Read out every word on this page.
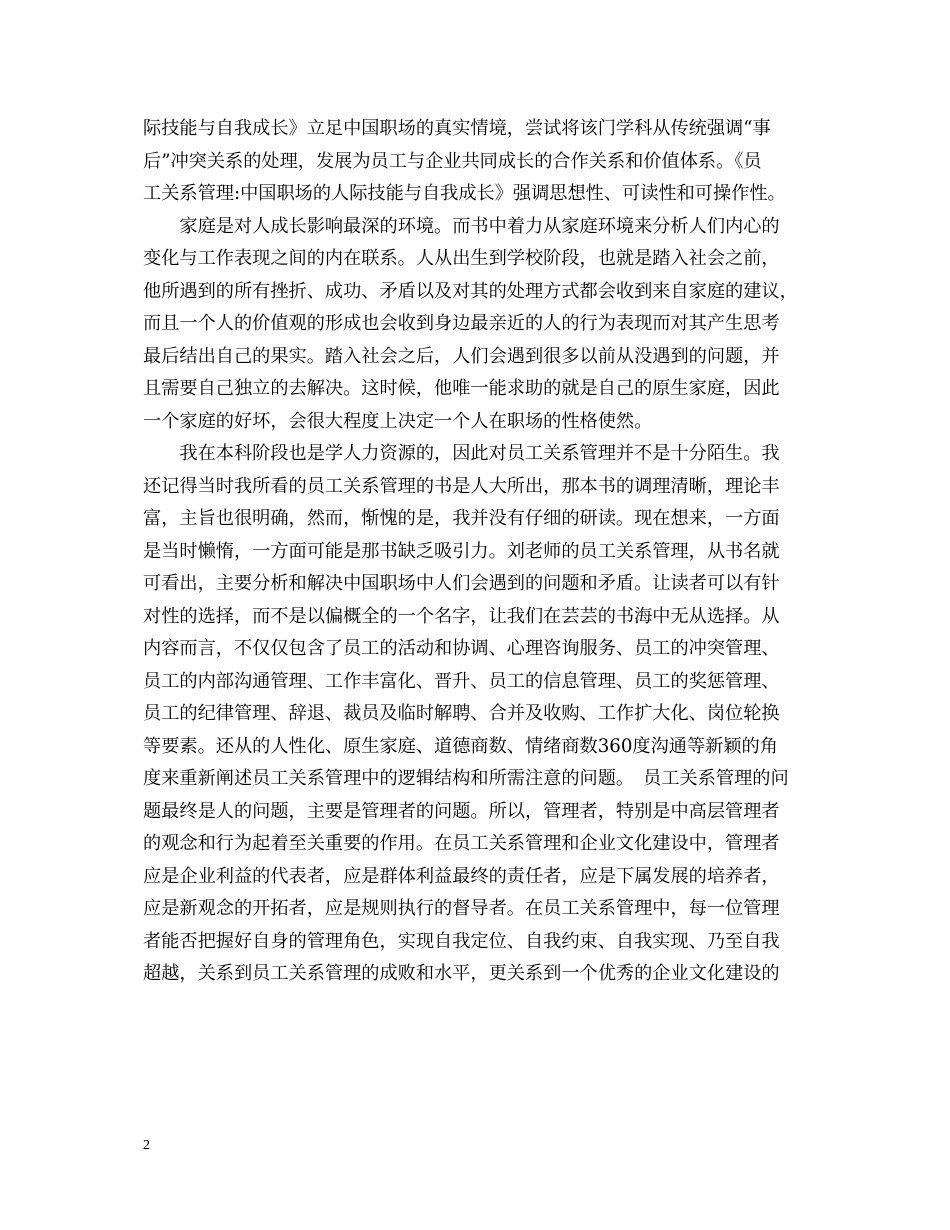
际技能与自我成长》立足中国职场的真实情境，尝试将该门学科从传统强调“事
后”冲突关系的处理，发展为员工与企业共同成长的合作关系和价值体系。《员
工关系管理:中国职场的人际技能与自我成长》强调思想性、可读性和可操作性。
　　家庭是对人成长影响最深的环境。而书中着力从家庭环境来分析人们内心的
变化与工作表现之间的内在联系。人从出生到学校阶段，也就是踏入社会之前，
他所遇到的所有挫折、成功、矛盾以及对其的处理方式都会收到来自家庭的建议，
而且一个人的价值观的形成也会收到身边最亲近的人的行为表现而对其产生思考
最后结出自己的果实。踏入社会之后，人们会遇到很多以前从没遇到的问题，并
且需要自己独立的去解决。这时候，他唯一能求助的就是自己的原生家庭，因此
一个家庭的好坏，会很大程度上决定一个人在职场的性格使然。
　　我在本科阶段也是学人力资源的，因此对员工关系管理并不是十分陌生。我
还记得当时我所看的员工关系管理的书是人大所出，那本书的调理清晰，理论丰
富，主旨也很明确，然而，惭愧的是，我并没有仔细的研读。现在想来，一方面
是当时懒惰，一方面可能是那书缺乏吸引力。刘老师的员工关系管理，从书名就
可看出，主要分析和解决中国职场中人们会遇到的问题和矛盾。让读者可以有针
对性的选择，而不是以偏概全的一个名字，让我们在芸芸的书海中无从选择。从
内容而言，不仅仅包含了员工的活动和协调、心理咨询服务、员工的冲突管理、
员工的内部沟通管理、工作丰富化、晋升、员工的信息管理、员工的奖惩管理、
员工的纪律管理、辞退、裁员及临时解聘、合并及收购、工作扩大化、岗位轮换
等要素。还从的人性化、原生家庭、道德商数、情绪商数360度沟通等新颖的角
度来重新阐述员工关系管理中的逻辑结构和所需注意的问题。　员工关系管理的问
题最终是人的问题，主要是管理者的问题。所以，管理者，特别是中高层管理者
的观念和行为起着至关重要的作用。在员工关系管理和企业文化建设中，管理者
应是企业利益的代表者，应是群体利益最终的责任者，应是下属发展的培养者，
应是新观念的开拓者，应是规则执行的督导者。在员工关系管理中，每一位管理
者能否把握好自身的管理角色，实现自我定位、自我约束、自我实现、乃至自我
超越，关系到员工关系管理的成败和水平，更关系到一个优秀的企业文化建设的
2
